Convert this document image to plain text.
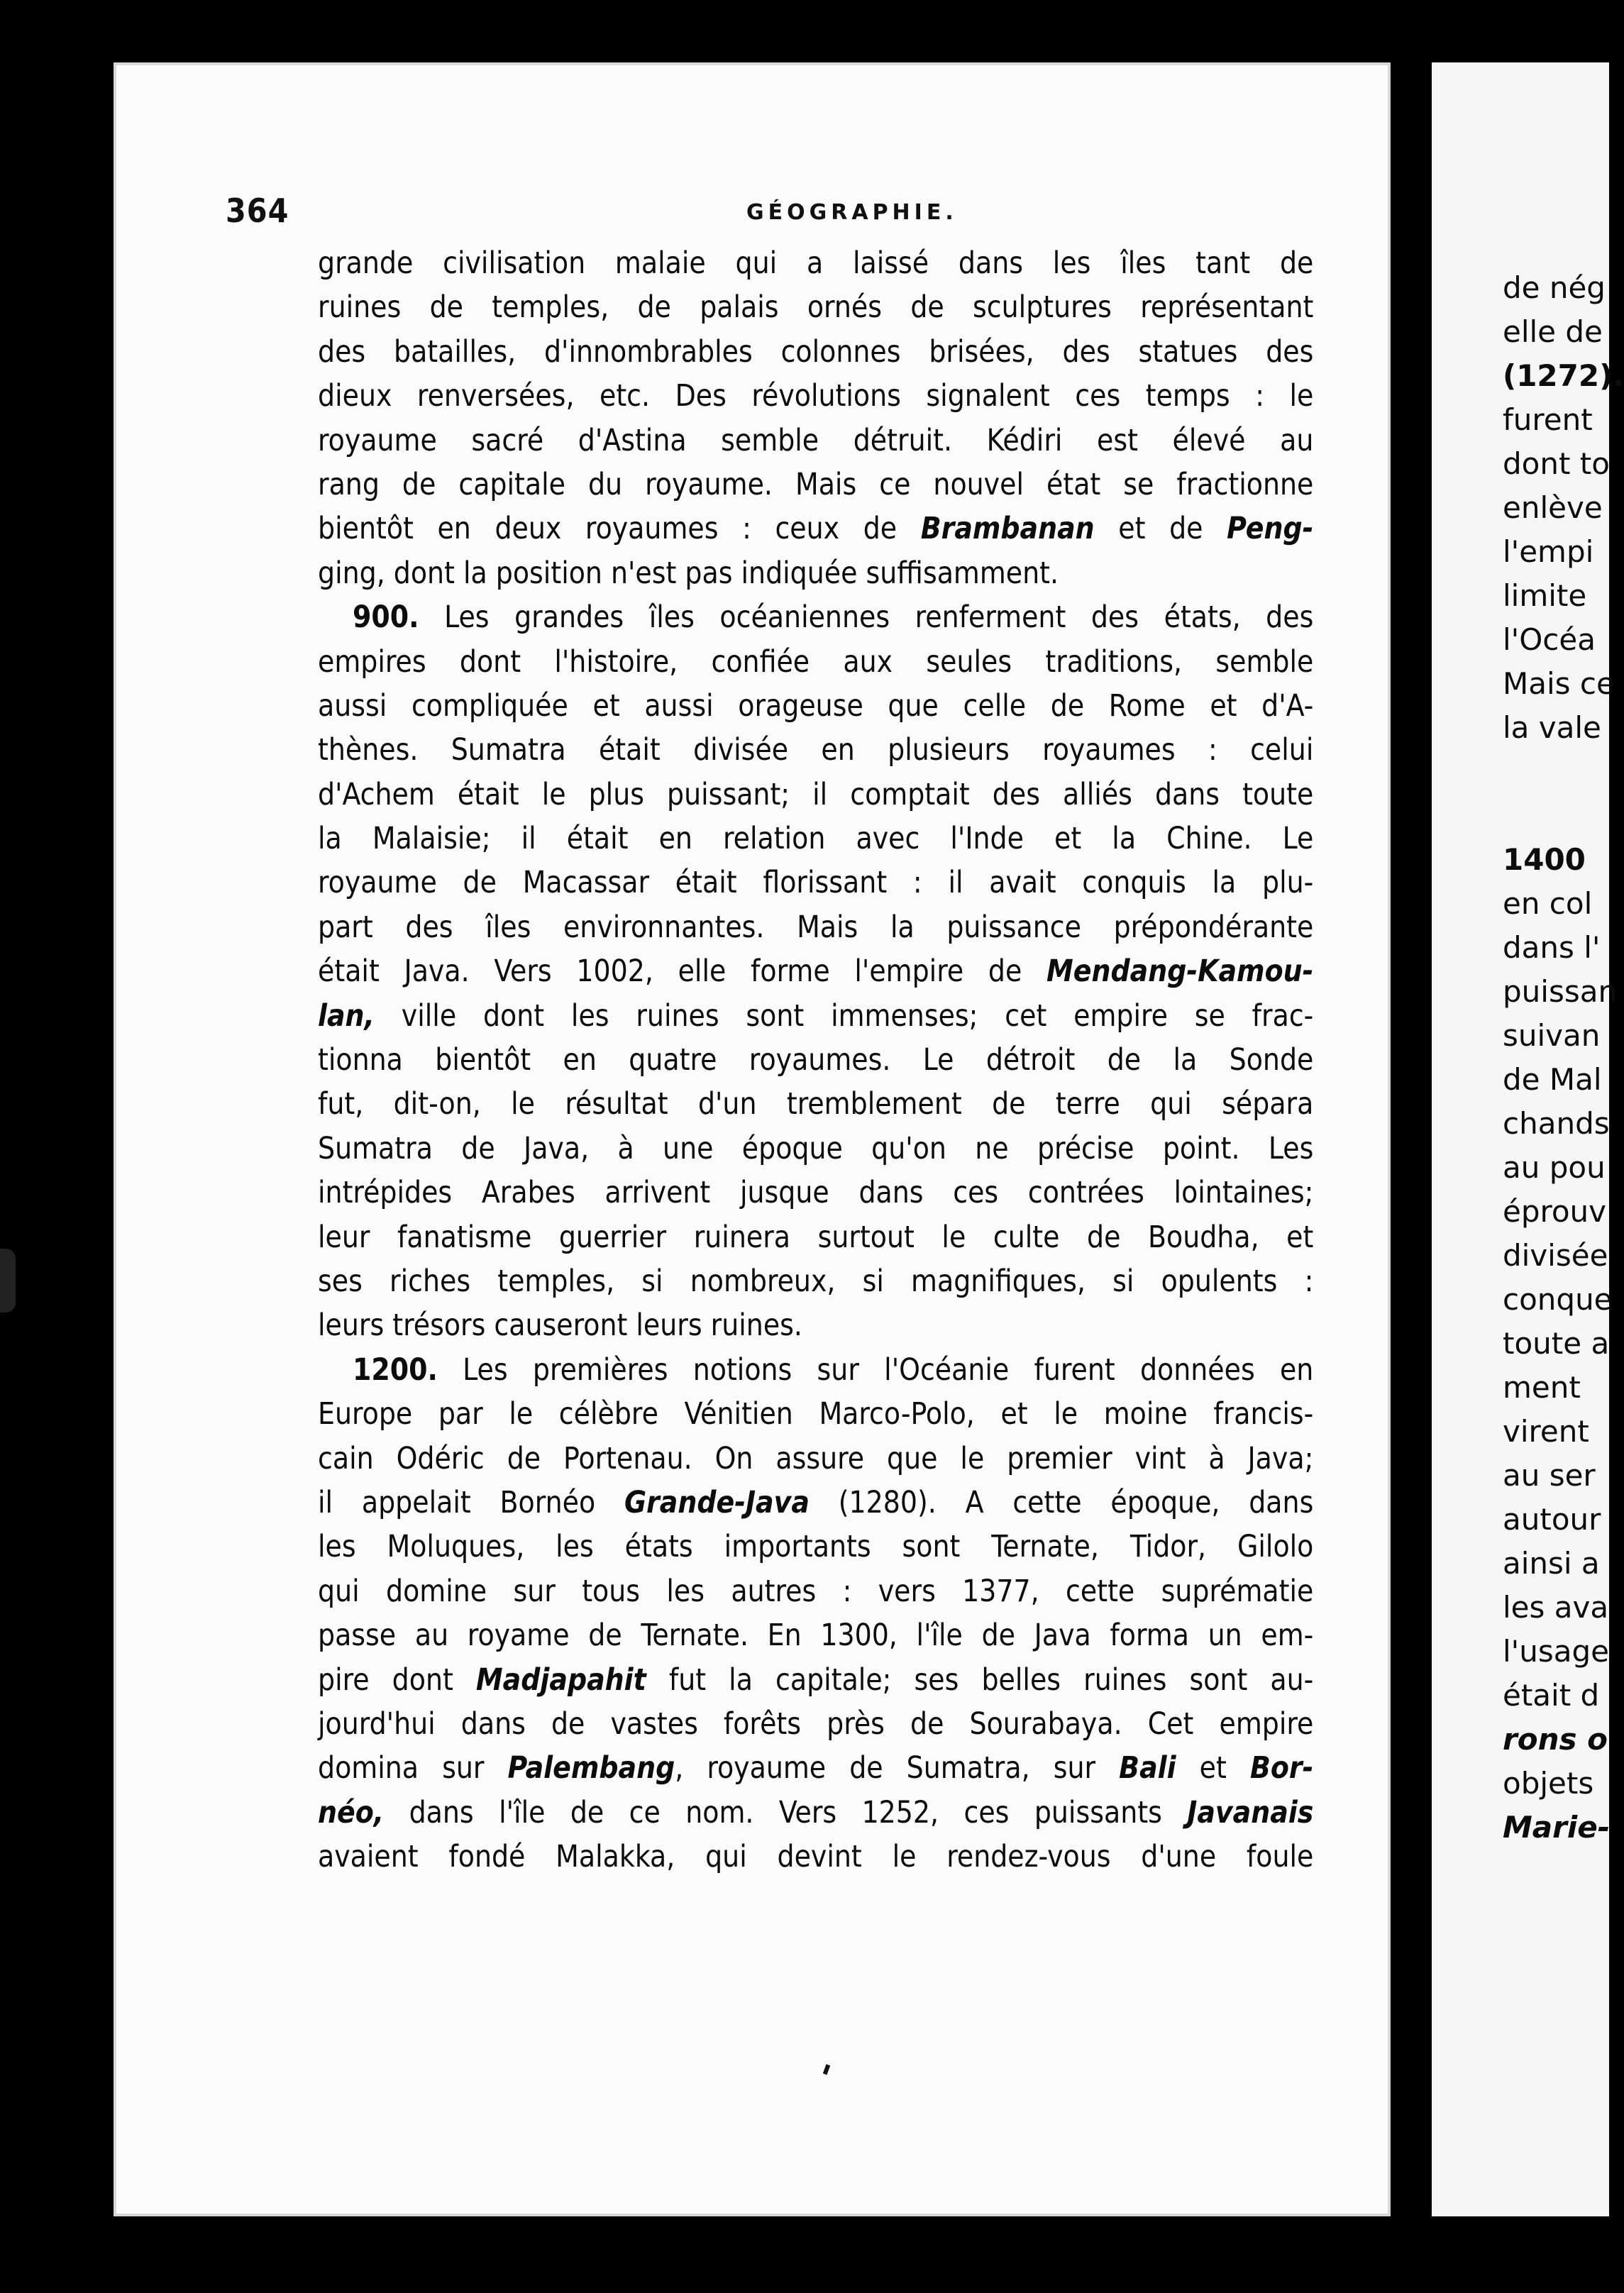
364	GÉOGRAPHIE.
grande civilisation malaie qui a laissé dans les îles tant de
ruines de temples, de palais ornés de sculptures représentant
des batailles, d'innombrables colonnes brisées, des statues des
dieux renversées, etc. Des révolutions signalent ces temps : le
royaume sacré d'Astina semble détruit. Kédiri est élevé au
rang de capitale du royaume. Mais ce nouvel état se fractionne
bientôt en deux royaumes : ceux de Brambanan et de Peng-
ging, dont la position n'est pas indiquée suffisamment.
900. Les grandes îles océaniennes renferment des états, des
empires dont l'histoire, confiée aux seules traditions, semble
aussi compliquée et aussi orageuse que celle de Rome et d'A-
thènes. Sumatra était divisée en plusieurs royaumes : celui
d'Achem était le plus puissant; il comptait des alliés dans toute
la Malaisie; il était en relation avec l'Inde et la Chine. Le
royaume de Macassar était florissant : il avait conquis la plu-
part des îles environnantes. Mais la puissance prépondérante
était Java. Vers 1002, elle forme l'empire de Mendang-Kamou-
lan, ville dont les ruines sont immenses; cet empire se frac-
tionna bientôt en quatre royaumes. Le détroit de la Sonde
fut, dit-on, le résultat d'un tremblement de terre qui sépara
Sumatra de Java, à une époque qu'on ne précise point. Les
intrépides Arabes arrivent jusque dans ces contrées lointaines;
leur fanatisme guerrier ruinera surtout le culte de Boudha, et
ses riches temples, si nombreux, si magnifiques, si opulents :
leurs trésors causeront leurs ruines.
1200. Les premières notions sur l'Océanie furent données en
Europe par le célèbre Vénitien Marco-Polo, et le moine francis-
cain Odéric de Portenau. On assure que le premier vint à Java;
il appelait Bornéo Grande-Java (1280). A cette époque, dans
les Moluques, les états importants sont Ternate, Tidor, Gilolo
qui domine sur tous les autres : vers 1377, cette suprématie
passe au royame de Ternate. En 1300, l'île de Java forma un em-
pire dont Madjapahit fut la capitale; ses belles ruines sont au-
jourd'hui dans de vastes forêts près de Sourabaya. Cet empire
domina sur Palembang, royaume de Sumatra, sur Bali et Bor-
néo, dans l'île de ce nom. Vers 1252, ces puissants Javanais
avaient fondé Malakka, qui devint le rendez-vous d'une foule
de nég
elle de
(1272).
furent
dont to
enlève
l'empi
limite
l'Océa
Mais ce
la vale
1400
en col
dans l'
puissan
suivan
de Mal
chands
au pou
éprouv
divisée
conque
toute a
ment
virent
au ser
autour
ainsi a
les ava
l'usage
était d
rons o
objets
Marie-
